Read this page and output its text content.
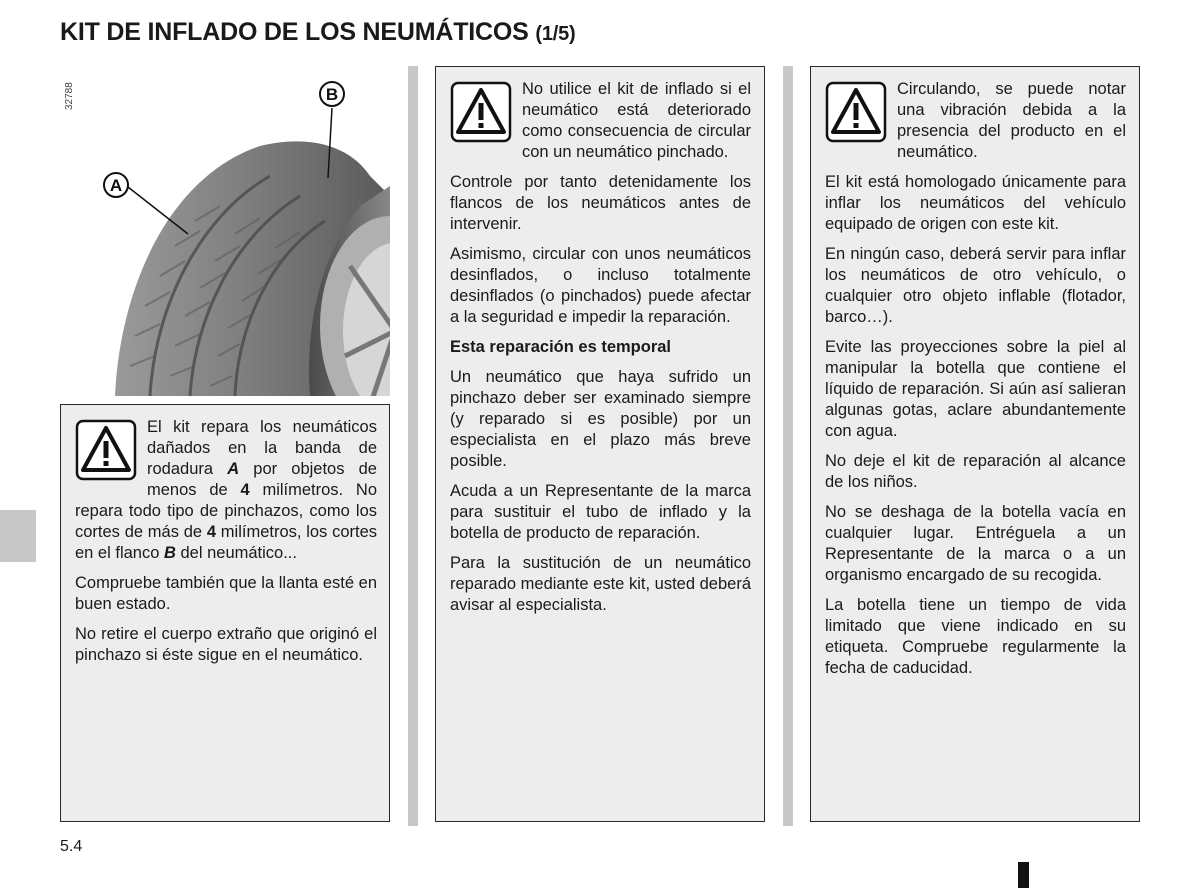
KIT DE INFLADO DE LOS NEUMÁTICOS (1/5)
A
B
32788

El kit repara los neumáticos dañados en la banda de rodadura A por objetos de menos de 4 milímetros. No repara todo tipo de pinchazos, como los cortes de más de 4 milímetros, los cortes en el flanco B del neumático...

Compruebe también que la llanta esté en buen estado.

No retire el cuerpo extraño que originó el pinchazo si éste sigue en el neumático.

No utilice el kit de inflado si el neumático está deteriorado como consecuencia de circular con un neumático pinchado.

Controle por tanto detenidamente los flancos de los neumáticos antes de intervenir.

Asimismo, circular con unos neumáticos desinflados, o incluso totalmente desinflados (o pinchados) puede afectar a la seguridad e impedir la reparación.

Esta reparación es temporal

Un neumático que haya sufrido un pinchazo deber ser examinado siempre (y reparado si es posible) por un especialista en el plazo más breve posible.

Acuda a un Representante de la marca para sustituir el tubo de inflado y la botella de producto de reparación.

Para la sustitución de un neumático reparado mediante este kit, usted deberá avisar al especialista.

Circulando, se puede notar una vibración debida a la presencia del producto en el neumático.

El kit está homologado únicamente para inflar los neumáticos del vehículo equipado de origen con este kit.

En ningún caso, deberá servir para inflar los neumáticos de otro vehículo, o cualquier otro objeto inflable (flotador, barco…).

Evite las proyecciones sobre la piel al manipular la botella que contiene el líquido de reparación. Si aún así salieran algunas gotas, aclare abundantemente con agua.

No deje el kit de reparación al alcance de los niños.

No se deshaga de la botella vacía en cualquier lugar. Entréguela a un Representante de la marca o a un organismo encargado de su recogida.

La botella tiene un tiempo de vida limitado que viene indicado en su etiqueta. Compruebe regularmente la fecha de caducidad.

5.4
